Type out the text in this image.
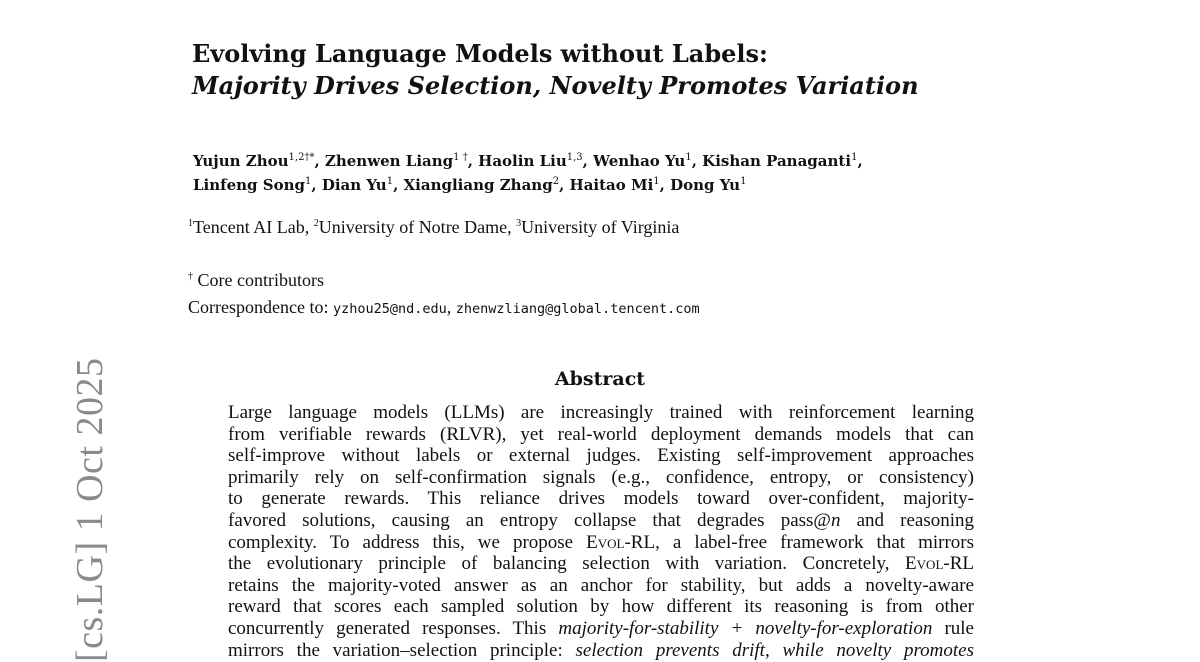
[cs.LG] 1 Oct 2025
Evolving Language Models without Labels:
Majority Drives Selection, Novelty Promotes Variation
Yujun Zhou$^{1,2\dagger*}$, Zhenwen Liang$^{1 \dagger}$, Haolin Liu$^{1,3}$, Wenhao Yu$^1$, Kishan Panaganti$^1$,
Linfeng Song$^1$, Dian Yu$^1$, Xiangliang Zhang$^2$, Haitao Mi$^1$, Dong Yu$^1$
$^1$Tencent AI Lab, $^2$University of Notre Dame, $^3$University of Virginia
† Core contributors
Correspondence to: yzhou25@nd.edu, zhenwzliang@global.tencent.com
Abstract
Large language models (LLMs) are increasingly trained with reinforcement learning
from verifiable rewards (RLVR), yet real-world deployment demands models that can
self-improve without labels or external judges. Existing self-improvement approaches
primarily rely on self-confirmation signals (e.g., confidence, entropy, or consistency)
to generate rewards. This reliance drives models toward over-confident, majority-
favored solutions, causing an entropy collapse that degrades pass@n and reasoning
complexity. To address this, we propose Evol-RL, a label-free framework that mirrors
the evolutionary principle of balancing selection with variation. Concretely, Evol-RL
retains the majority-voted answer as an anchor for stability, but adds a novelty-aware
reward that scores each sampled solution by how different its reasoning is from other
concurrently generated responses. This majority-for-stability + novelty-for-exploration rule
mirrors the variation–selection principle: selection prevents drift, while novelty promotes
